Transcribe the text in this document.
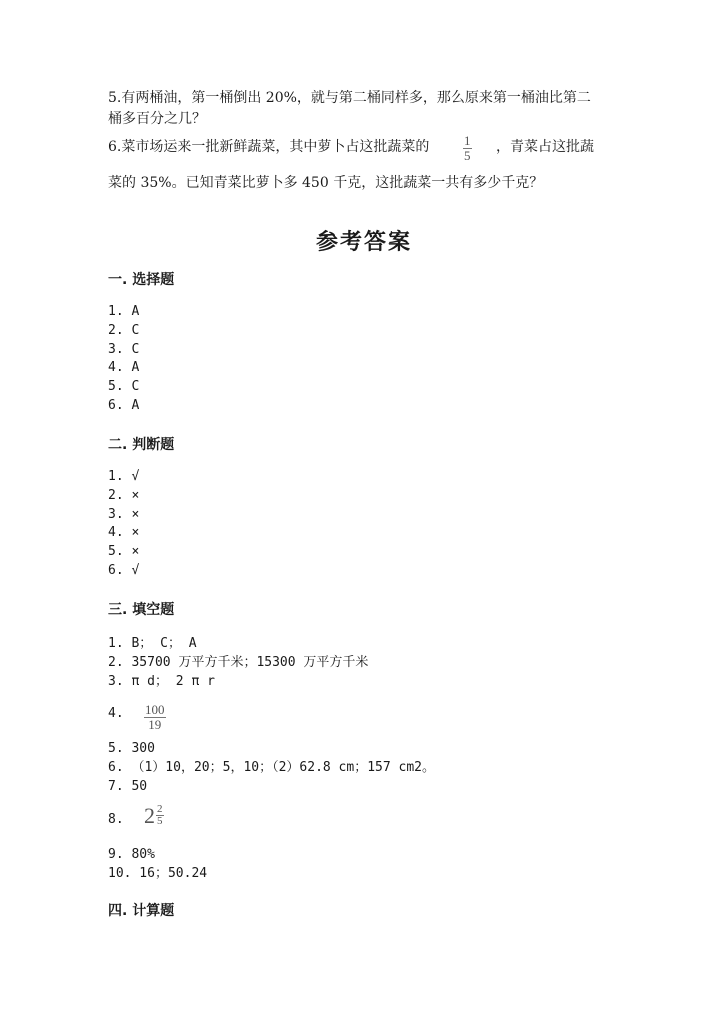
5.有两桶油，第一桶倒出 20%，就与第二桶同样多，那么原来第一桶油比第二
桶多百分之几？
6.菜市场运来一批新鲜蔬菜，其中萝卜占这批蔬菜的	$\frac{1}{5}$ ，青菜占这批蔬
菜的 35%。已知青菜比萝卜多 450 千克，这批蔬菜一共有多少千克？
参考答案
一. 选择题
1. A
2. C
3. C
4. A
5. C
6. A
二. 判断题
1. √
2. ×
3. ×
4. ×
5. ×
6. √
三. 填空题
1. B； C； A
2. 35700 万平方千米；15300 万平方千米
3. π d； 2 π r
4. $\frac{100}{19}$
5. 300
6. （1）10，20；5，10；（2）62.8 cm；157 cm2。
7. 50
8. $2 \frac{2}{5}$
9. 80%
10. 16；50.24
四. 计算题
